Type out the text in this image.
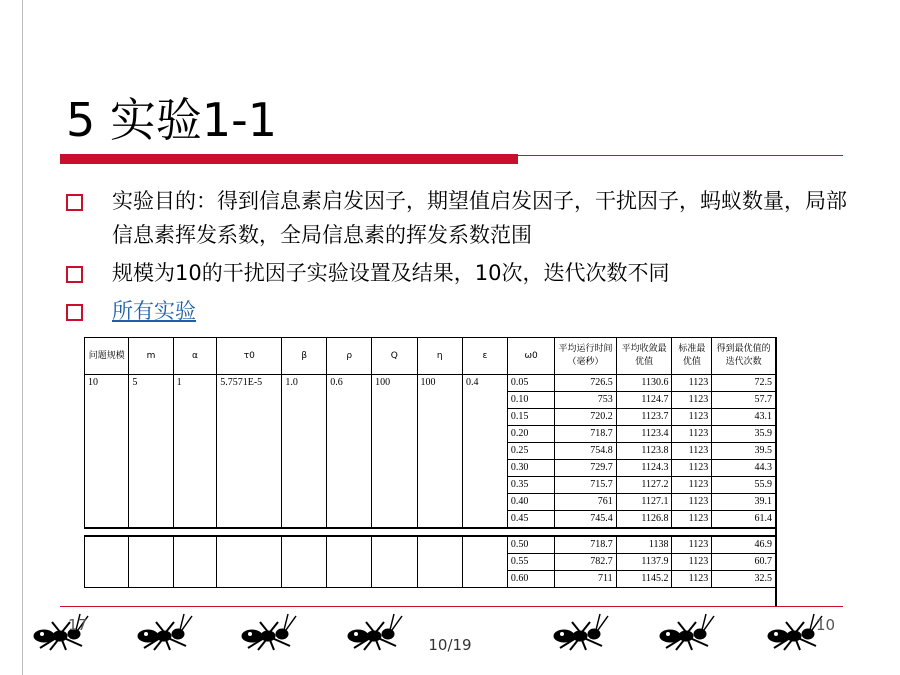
5 实验1-1
实验目的：得到信息素启发因子，期望值启发因子，干扰因子，蚂蚁数量，局部信息素挥发系数，全局信息素的挥发系数范围
规模为10的干扰因子实验设置及结果，10次，迭代次数不同
所有实验
问题规模	m	α	τ0	β	ρ	Q	η	ε	ω0	平均运行时间（毫秒）	平均收敛最优值	标准最优值	得到最优值的迭代次数
10	5	1	5.7571E-5	1.0	0.6	100	100	0.4	0.05	726.5	1130.6	1123	72.5
									0.10	753	1124.7	1123	57.7
									0.15	720.2	1123.7	1123	43.1
									0.20	718.7	1123.4	1123	35.9
									0.25	754.8	1123.8	1123	39.5
									0.30	729.7	1124.3	1123	44.3
									0.35	715.7	1127.2	1123	55.9
									0.40	761	1127.1	1123	39.1
									0.45	745.4	1126.8	1123	61.4

									0.50	718.7	1138	1123	46.9
									0.55	782.7	1137.9	1123	60.7
									0.60	711	1145.2	1123	32.5
17	10
10/19
